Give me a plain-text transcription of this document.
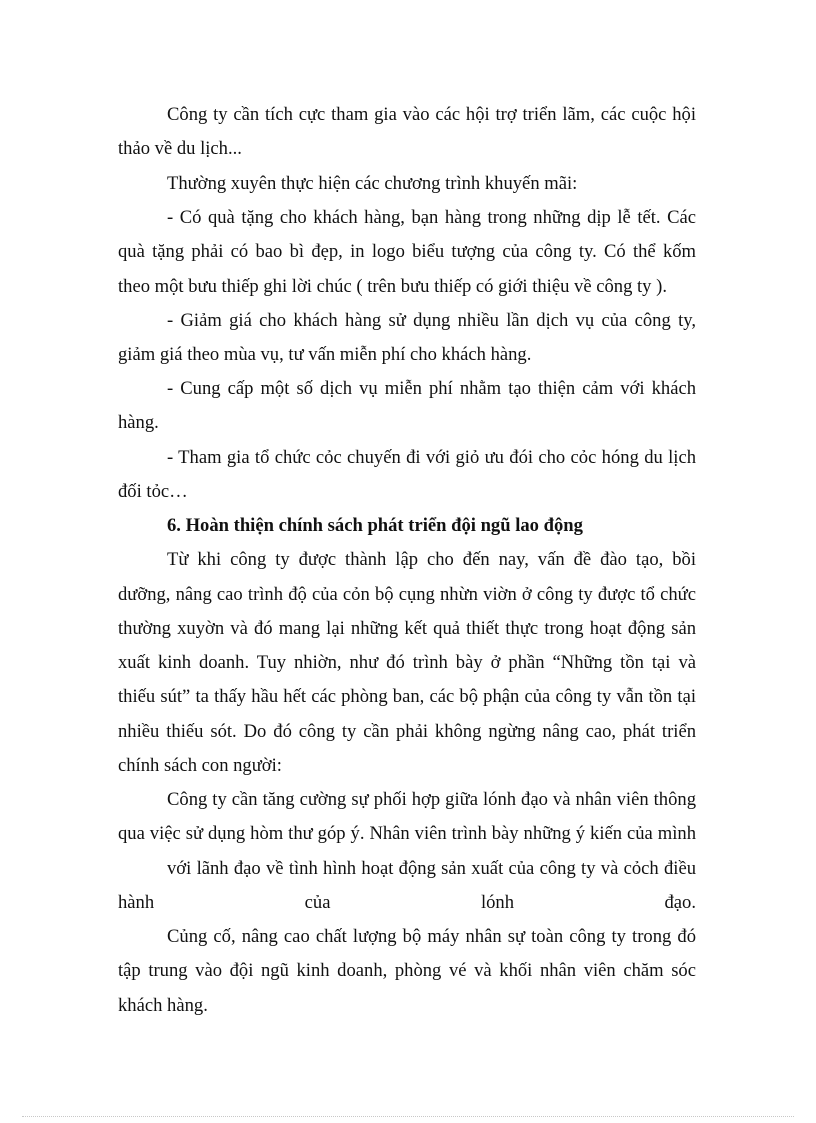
Công ty cần tích cực tham gia vào các hội trợ triển lãm, các cuộc hội
thảo về du lịch...
Thường xuyên thực hiện các chương trình khuyến mãi:
- Có quà tặng cho khách hàng, bạn hàng trong những dịp lễ tết. Các
quà tặng phải có bao bì đẹp, in logo biểu tượng của công ty. Có thể kốm
theo một bưu thiếp ghi lời chúc ( trên bưu thiếp có giới thiệu về công ty ).
- Giảm giá cho khách hàng sử dụng nhiều lần dịch vụ của công ty,
giảm giá theo mùa vụ, tư vấn miễn phí cho khách hàng.
- Cung cấp một số dịch vụ miễn phí nhằm tạo thiện cảm với khách
hàng.
- Tham gia tổ chức cỏc chuyến đi với giỏ ưu đói cho cỏc hóng du lịch
đối tỏc…
6. Hoàn thiện chính sách phát triển đội ngũ lao động
Từ khi công ty được thành lập cho đến nay, vấn đề đào tạo, bồi
dưỡng, nâng cao trình độ của cỏn bộ cụng nhừn viờn ở công ty được tổ chức
thường xuyờn và đó mang lại những kết quả thiết thực trong hoạt động sản
xuất kinh doanh. Tuy nhiờn, như đó trình bày ở phần “Những tồn tại và
thiếu sút” ta thấy hầu hết các phòng ban, các bộ phận của công ty vẫn tồn tại
nhiều thiếu sót. Do đó công ty cần phải không ngừng nâng cao, phát triển
chính sách con người:
Công ty cần tăng cường sự phối hợp giữa lónh đạo và nhân viên thông
qua việc sử dụng hòm thư góp ý. Nhân viên trình bày những ý kiến của mình
với lãnh đạo về tình hình hoạt động sản xuất của công ty và cỏch điều
hành của lónh đạo.
Củng cố, nâng cao chất lượng bộ máy nhân sự toàn công ty trong đó
tập trung vào đội ngũ kinh doanh, phòng vé và khối nhân viên chăm sóc
khách hàng.
